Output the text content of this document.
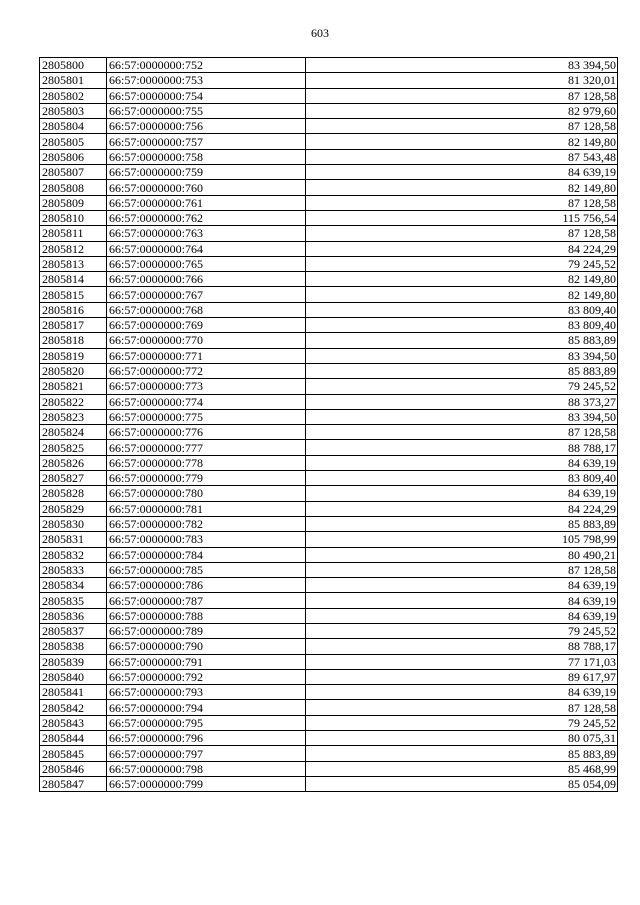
603
2805800	66:57:0000000:752	83 394,50
2805801	66:57:0000000:753	81 320,01
2805802	66:57:0000000:754	87 128,58
2805803	66:57:0000000:755	82 979,60
2805804	66:57:0000000:756	87 128,58
2805805	66:57:0000000:757	82 149,80
2805806	66:57:0000000:758	87 543,48
2805807	66:57:0000000:759	84 639,19
2805808	66:57:0000000:760	82 149,80
2805809	66:57:0000000:761	87 128,58
2805810	66:57:0000000:762	115 756,54
2805811	66:57:0000000:763	87 128,58
2805812	66:57:0000000:764	84 224,29
2805813	66:57:0000000:765	79 245,52
2805814	66:57:0000000:766	82 149,80
2805815	66:57:0000000:767	82 149,80
2805816	66:57:0000000:768	83 809,40
2805817	66:57:0000000:769	83 809,40
2805818	66:57:0000000:770	85 883,89
2805819	66:57:0000000:771	83 394,50
2805820	66:57:0000000:772	85 883,89
2805821	66:57:0000000:773	79 245,52
2805822	66:57:0000000:774	88 373,27
2805823	66:57:0000000:775	83 394,50
2805824	66:57:0000000:776	87 128,58
2805825	66:57:0000000:777	88 788,17
2805826	66:57:0000000:778	84 639,19
2805827	66:57:0000000:779	83 809,40
2805828	66:57:0000000:780	84 639,19
2805829	66:57:0000000:781	84 224,29
2805830	66:57:0000000:782	85 883,89
2805831	66:57:0000000:783	105 798,99
2805832	66:57:0000000:784	80 490,21
2805833	66:57:0000000:785	87 128,58
2805834	66:57:0000000:786	84 639,19
2805835	66:57:0000000:787	84 639,19
2805836	66:57:0000000:788	84 639,19
2805837	66:57:0000000:789	79 245,52
2805838	66:57:0000000:790	88 788,17
2805839	66:57:0000000:791	77 171,03
2805840	66:57:0000000:792	89 617,97
2805841	66:57:0000000:793	84 639,19
2805842	66:57:0000000:794	87 128,58
2805843	66:57:0000000:795	79 245,52
2805844	66:57:0000000:796	80 075,31
2805845	66:57:0000000:797	85 883,89
2805846	66:57:0000000:798	85 468,99
2805847	66:57:0000000:799	85 054,09
